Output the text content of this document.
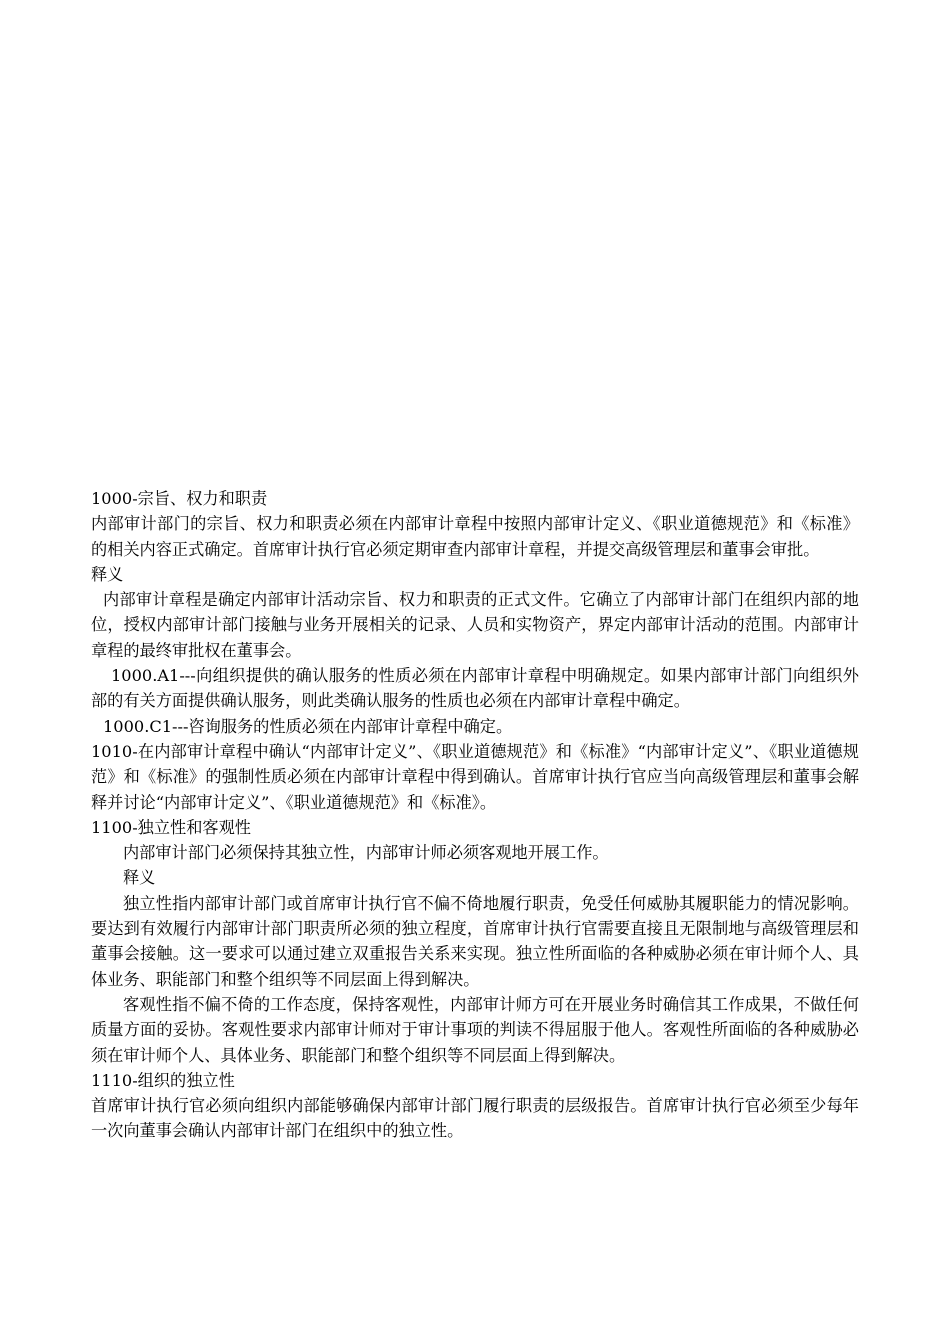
1000-宗旨、权力和职责

内部审计部门的宗旨、权力和职责必须在内部审计章程中按照内部审计定义、《职业道德规范》和《标准》的相关内容正式确定。首席审计执行官必须定期审查内部审计章程，并提交高级管理层和董事会审批。

释义

内部审计章程是确定内部审计活动宗旨、权力和职责的正式文件。它确立了内部审计部门在组织内部的地位，授权内部审计部门接触与业务开展相关的记录、人员和实物资产，界定内部审计活动的范围。内部审计章程的最终审批权在董事会。

1000.A1---向组织提供的确认服务的性质必须在内部审计章程中明确规定。如果内部审计部门向组织外部的有关方面提供确认服务，则此类确认服务的性质也必须在内部审计章程中确定。

1000.C1---咨询服务的性质必须在内部审计章程中确定。

1010-在内部审计章程中确认“内部审计定义”、《职业道德规范》和《标准》“内部审计定义”、《职业道德规范》和《标准》的强制性质必须在内部审计章程中得到确认。首席审计执行官应当向高级管理层和董事会解释并讨论“内部审计定义”、《职业道德规范》和《标准》。

1100-独立性和客观性

内部审计部门必须保持其独立性，内部审计师必须客观地开展工作。

释义

独立性指内部审计部门或首席审计执行官不偏不倚地履行职责，免受任何威胁其履职能力的情况影响。要达到有效履行内部审计部门职责所必须的独立程度，首席审计执行官需要直接且无限制地与高级管理层和董事会接触。这一要求可以通过建立双重报告关系来实现。独立性所面临的各种威胁必须在审计师个人、具体业务、职能部门和整个组织等不同层面上得到解决。

客观性指不偏不倚的工作态度，保持客观性，内部审计师方可在开展业务时确信其工作成果，不做任何质量方面的妥协。客观性要求内部审计师对于审计事项的判读不得屈服于他人。客观性所面临的各种威胁必须在审计师个人、具体业务、职能部门和整个组织等不同层面上得到解决。

1110-组织的独立性

首席审计执行官必须向组织内部能够确保内部审计部门履行职责的层级报告。首席审计执行官必须至少每年一次向董事会确认内部审计部门在组织中的独立性。
